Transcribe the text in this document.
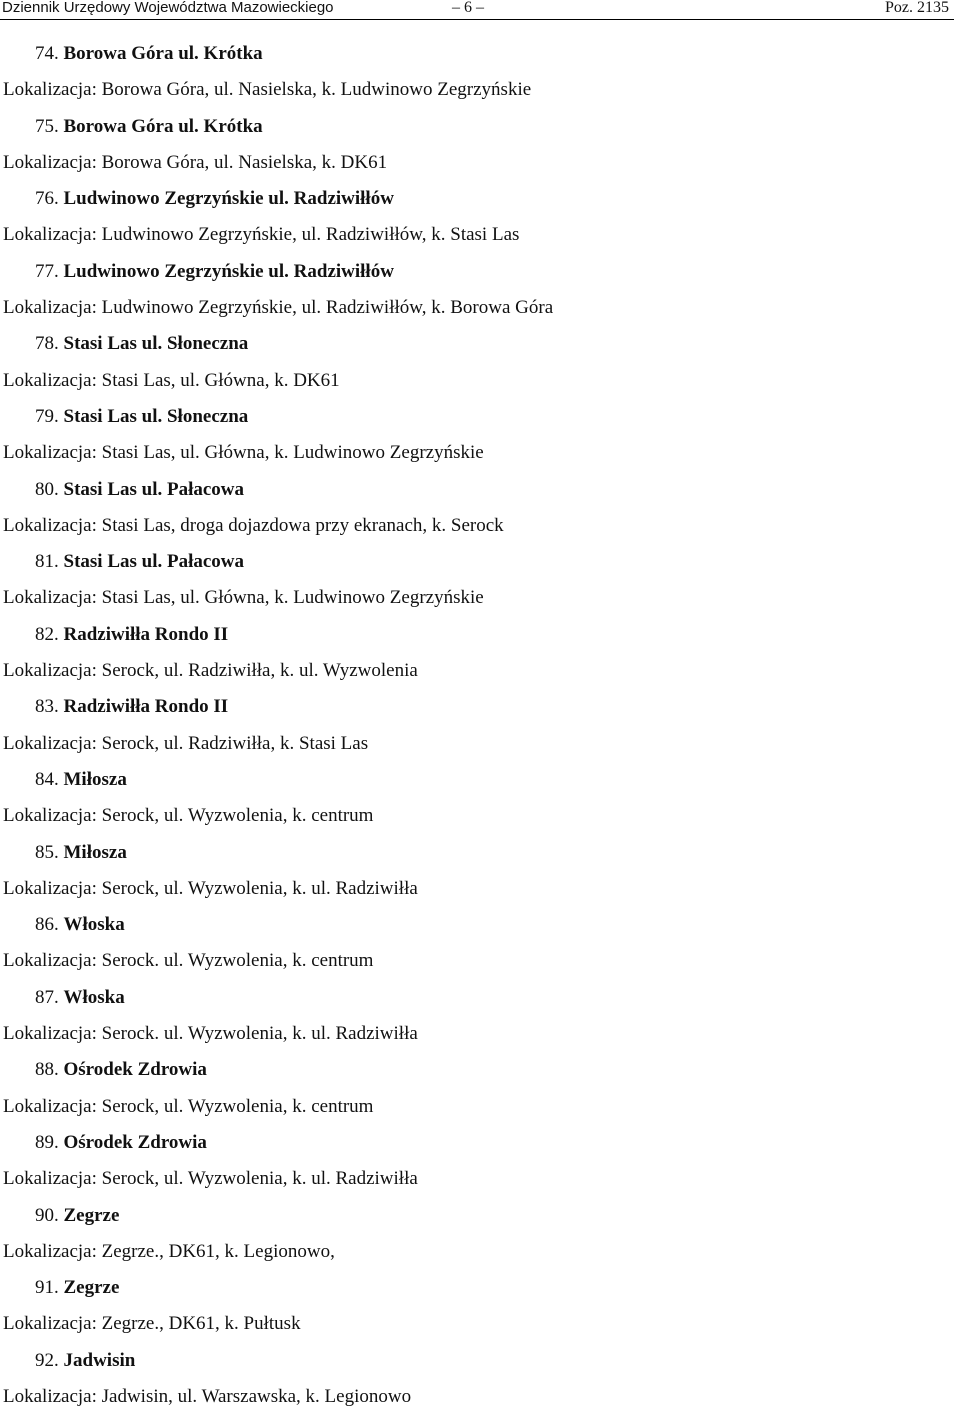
Dziennik Urzędowy Województwa Mazowieckiego	– 6 –	Poz. 2135
74. Borowa Góra ul. Krótka
Lokalizacja: Borowa Góra, ul. Nasielska, k. Ludwinowo Zegrzyńskie
75. Borowa Góra ul. Krótka
Lokalizacja: Borowa Góra, ul. Nasielska, k. DK61
76. Ludwinowo Zegrzyńskie ul. Radziwiłłów
Lokalizacja: Ludwinowo Zegrzyńskie, ul. Radziwiłłów, k. Stasi Las
77. Ludwinowo Zegrzyńskie ul. Radziwiłłów
Lokalizacja: Ludwinowo Zegrzyńskie, ul. Radziwiłłów, k. Borowa Góra
78. Stasi Las ul. Słoneczna
Lokalizacja: Stasi Las, ul. Główna, k. DK61
79. Stasi Las ul. Słoneczna
Lokalizacja: Stasi Las, ul. Główna, k. Ludwinowo Zegrzyńskie
80. Stasi Las ul. Pałacowa
Lokalizacja: Stasi Las, droga dojazdowa przy ekranach, k. Serock
81. Stasi Las ul. Pałacowa
Lokalizacja: Stasi Las, ul. Główna, k. Ludwinowo Zegrzyńskie
82. Radziwiłła Rondo II
Lokalizacja: Serock, ul. Radziwiłła, k. ul. Wyzwolenia
83. Radziwiłła Rondo II
Lokalizacja: Serock, ul. Radziwiłła, k. Stasi Las
84. Miłosza
Lokalizacja: Serock, ul. Wyzwolenia, k. centrum
85. Miłosza
Lokalizacja: Serock, ul. Wyzwolenia, k. ul. Radziwiłła
86. Włoska
Lokalizacja: Serock. ul. Wyzwolenia, k. centrum
87. Włoska
Lokalizacja: Serock. ul. Wyzwolenia, k. ul. Radziwiłła
88. Ośrodek Zdrowia
Lokalizacja: Serock, ul. Wyzwolenia, k. centrum
89. Ośrodek Zdrowia
Lokalizacja: Serock, ul. Wyzwolenia, k. ul. Radziwiłła
90. Zegrze
Lokalizacja: Zegrze., DK61, k. Legionowo,
91. Zegrze
Lokalizacja: Zegrze., DK61, k. Pułtusk
92. Jadwisin
Lokalizacja: Jadwisin, ul. Warszawska, k. Legionowo
